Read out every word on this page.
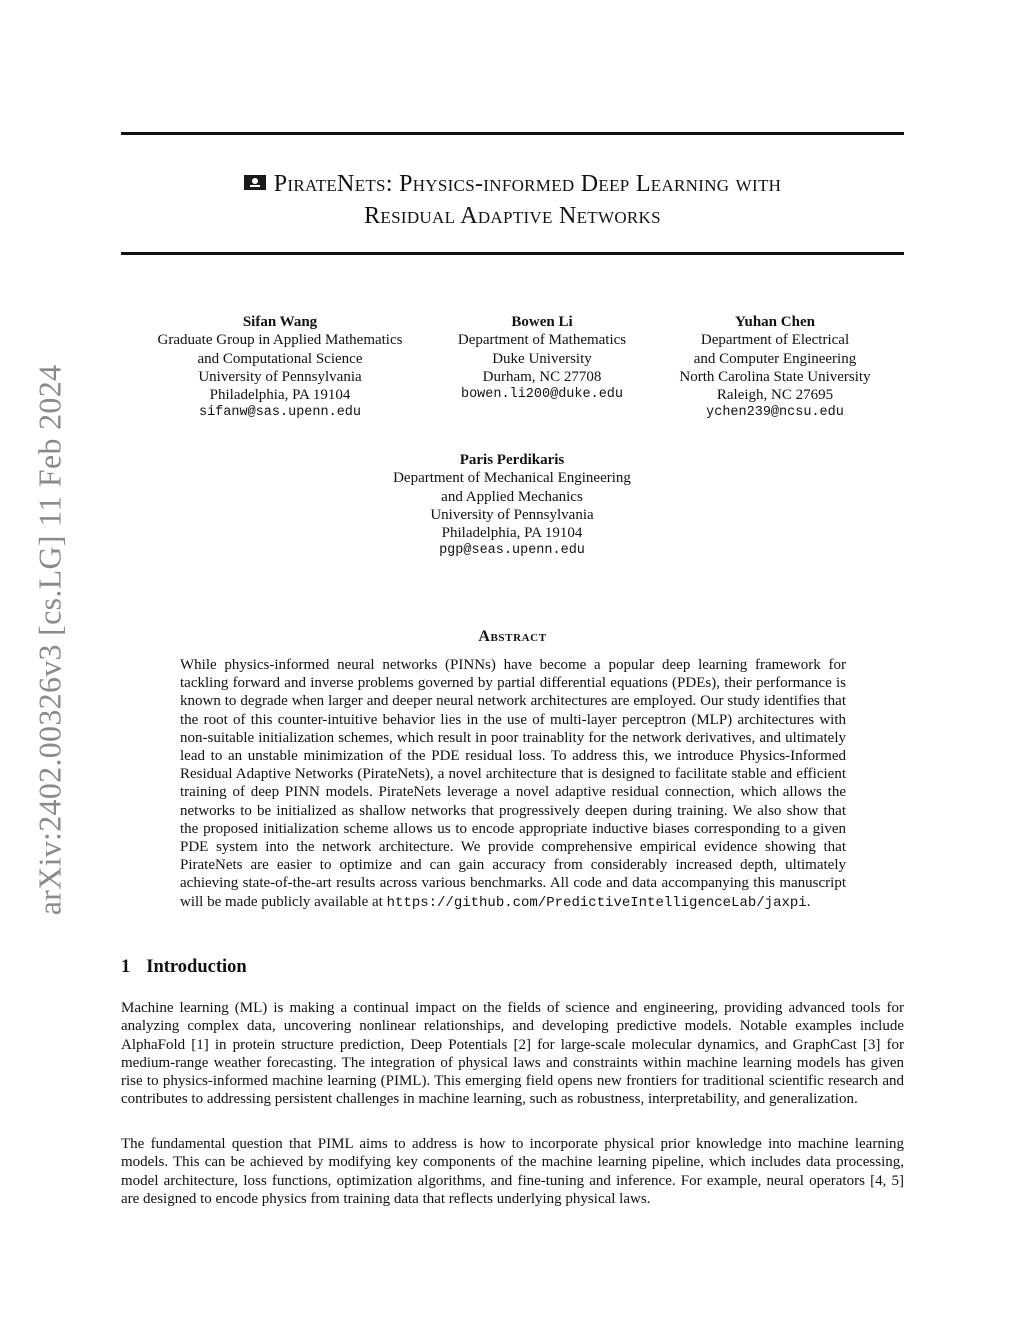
arXiv:2402.00326v3 [cs.LG] 11 Feb 2024
PirateNets: Physics-informed Deep Learning with
Residual Adaptive Networks
Sifan Wang
Graduate Group in Applied Mathematics
and Computational Science
University of Pennsylvania
Philadelphia, PA 19104
sifanw@sas.upenn.edu
Bowen Li
Department of Mathematics
Duke University
Durham, NC 27708
bowen.li200@duke.edu
Yuhan Chen
Department of Electrical
and Computer Engineering
North Carolina State University
Raleigh, NC 27695
ychen239@ncsu.edu
Paris Perdikaris
Department of Mechanical Engineering
and Applied Mechanics
University of Pennsylvania
Philadelphia, PA 19104
pgp@seas.upenn.edu
Abstract

While physics-informed neural networks (PINNs) have become a popular deep learning framework for tackling forward and inverse problems governed by partial differential equations (PDEs), their performance is known to degrade when larger and deeper neural network architectures are employed. Our study identifies that the root of this counter-intuitive behavior lies in the use of multi-layer perceptron (MLP) architectures with non-suitable initialization schemes, which result in poor trainablity for the network derivatives, and ultimately lead to an unstable minimization of the PDE residual loss. To address this, we introduce Physics-Informed Residual Adaptive Networks (PirateNets), a novel architecture that is designed to facilitate stable and efficient training of deep PINN models. PirateNets leverage a novel adaptive residual connection, which allows the networks to be initialized as shallow networks that progressively deepen during training. We also show that the proposed initialization scheme allows us to encode appropriate inductive biases corresponding to a given PDE system into the network architecture. We provide comprehensive empirical evidence showing that PirateNets are easier to optimize and can gain accuracy from considerably increased depth, ultimately achieving state-of-the-art results across various benchmarks. All code and data accompanying this manuscript will be made publicly available at https://github.com/PredictiveIntelligenceLab/jaxpi.

1 Introduction

Machine learning (ML) is making a continual impact on the fields of science and engineering, providing advanced tools for analyzing complex data, uncovering nonlinear relationships, and developing predictive models. Notable examples include AlphaFold [1] in protein structure prediction, Deep Potentials [2] for large-scale molecular dynamics, and GraphCast [3] for medium-range weather forecasting. The integration of physical laws and constraints within machine learning models has given rise to physics-informed machine learning (PIML). This emerging field opens new frontiers for traditional scientific research and contributes to addressing persistent challenges in machine learning, such as robustness, interpretability, and generalization.

The fundamental question that PIML aims to address is how to incorporate physical prior knowledge into machine learning models. This can be achieved by modifying key components of the machine learning pipeline, which includes data processing, model architecture, loss functions, optimization algorithms, and fine-tuning and inference. For example, neural operators [4, 5] are designed to encode physics from training data that reflects underlying physical laws.
